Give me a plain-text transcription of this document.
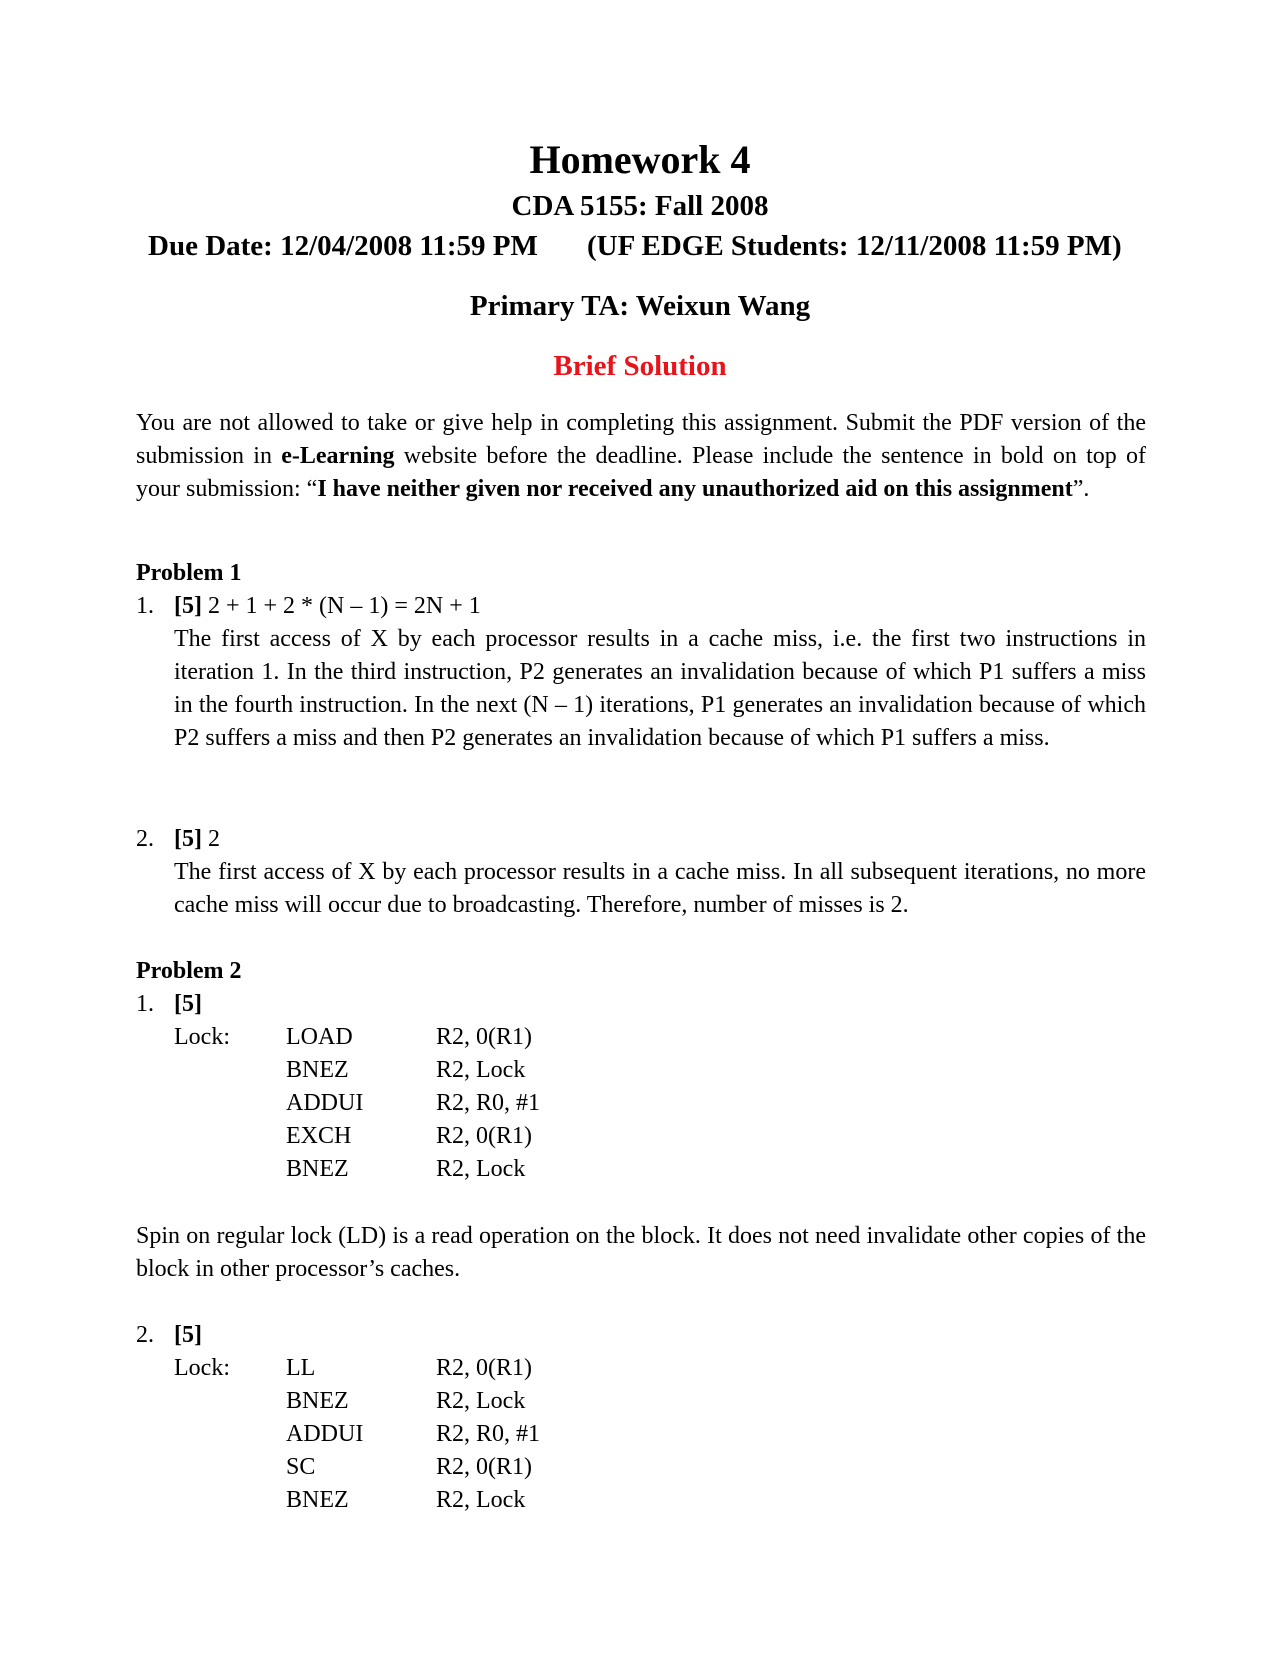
Homework 4
CDA 5155: Fall 2008
Due Date: 12/04/2008 11:59 PM (UF EDGE Students: 12/11/2008 11:59 PM)
Primary TA: Weixun Wang
Brief Solution
You are not allowed to take or give help in completing this assignment. Submit the PDF version of the submission in e-Learning website before the deadline. Please include the sentence in bold on top of your submission: “I have neither given nor received any unauthorized aid on this assignment”.
Problem 1
1. [5] 2 + 1 + 2 * (N – 1) = 2N + 1
The first access of X by each processor results in a cache miss, i.e. the first two instructions in iteration 1. In the third instruction, P2 generates an invalidation because of which P1 suffers a miss in the fourth instruction. In the next (N – 1) iterations, P1 generates an invalidation because of which P2 suffers a miss and then P2 generates an invalidation because of which P1 suffers a miss.
2. [5] 2
The first access of X by each processor results in a cache miss. In all subsequent iterations, no more cache miss will occur due to broadcasting. Therefore, number of misses is 2.
Problem 2
1. [5]
Lock: LOAD	R2, 0(R1)
BNEZ	R2, Lock
ADDUI	R2, R0, #1
EXCH	R2, 0(R1)
BNEZ	R2, Lock
Spin on regular lock (LD) is a read operation on the block. It does not need invalidate other copies of the block in other processor’s caches.
2. [5]
Lock: LL	R2, 0(R1)
BNEZ	R2, Lock
ADDUI	R2, R0, #1
SC	R2, 0(R1)
BNEZ	R2, Lock
